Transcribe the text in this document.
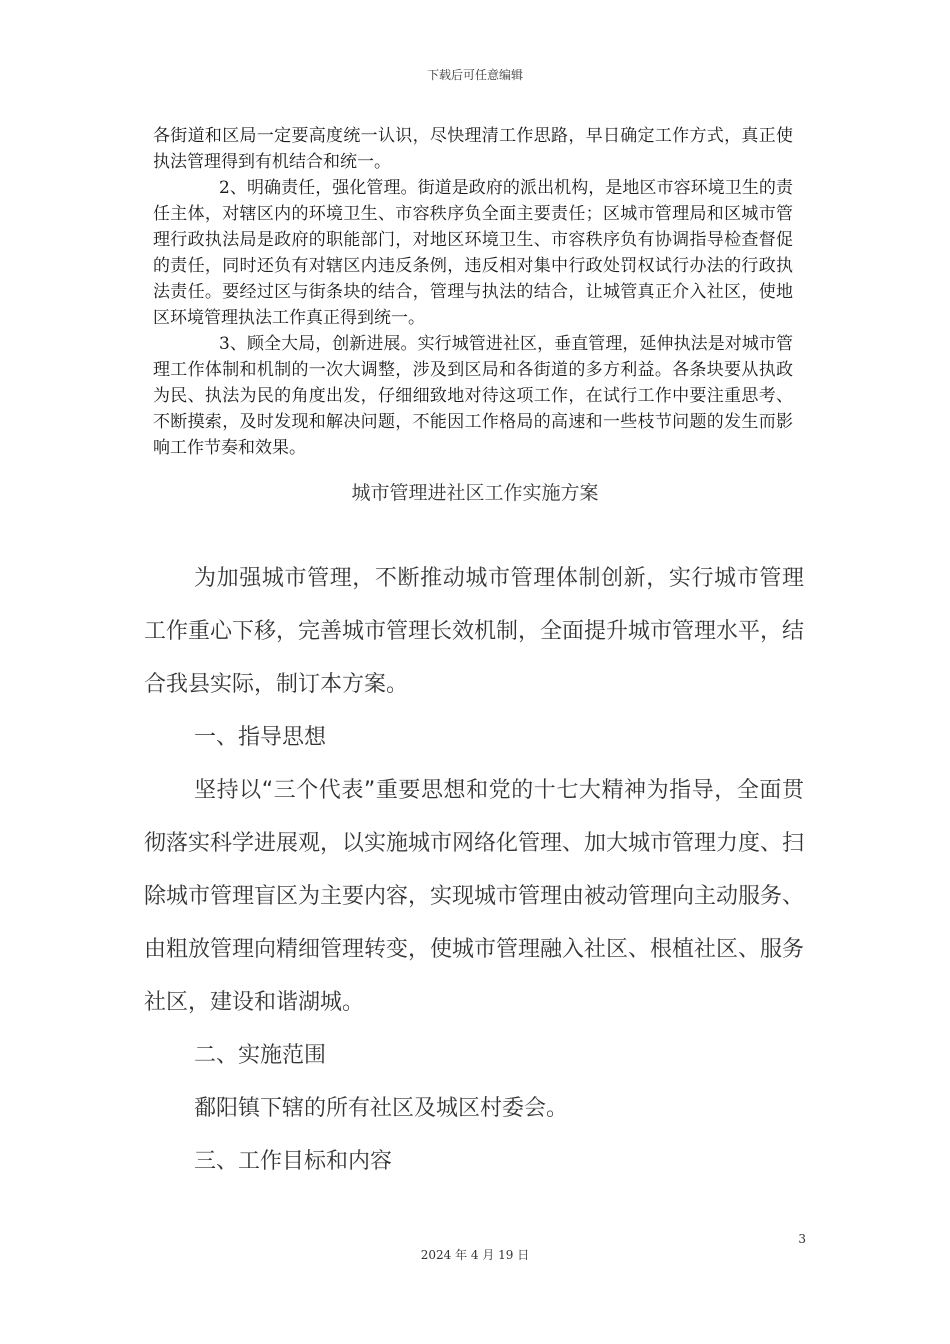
下载后可任意编辑

各街道和区局一定要高度统一认识，尽快理清工作思路，早日确定工作方式，真正使执法管理得到有机结合和统一。

2、明确责任，强化管理。街道是政府的派出机构，是地区市容环境卫生的责任主体，对辖区内的环境卫生、市容秩序负全面主要责任；区城市管理局和区城市管理行政执法局是政府的职能部门，对地区环境卫生、市容秩序负有协调指导检查督促的责任，同时还负有对辖区内违反条例，违反相对集中行政处罚权试行办法的行政执法责任。要经过区与街条块的结合，管理与执法的结合，让城管真正介入社区，使地区环境管理执法工作真正得到统一。

3、顾全大局，创新进展。实行城管进社区，垂直管理，延伸执法是对城市管理工作体制和机制的一次大调整，涉及到区局和各街道的多方利益。各条块要从执政为民、执法为民的角度出发，仔细细致地对待这项工作，在试行工作中要注重思考、不断摸索，及时发现和解决问题，不能因工作格局的高速和一些枝节问题的发生而影响工作节奏和效果。

城市管理进社区工作实施方案

为加强城市管理，不断推动城市管理体制创新，实行城市管理工作重心下移，完善城市管理长效机制，全面提升城市管理水平，结合我县实际，制订本方案。

一、指导思想

坚持以“三个代表”重要思想和党的十七大精神为指导，全面贯彻落实科学进展观，以实施城市网络化管理、加大城市管理力度、扫除城市管理盲区为主要内容，实现城市管理由被动管理向主动服务、由粗放管理向精细管理转变，使城市管理融入社区、根植社区、服务社区，建设和谐湖城。

二、实施范围

鄱阳镇下辖的所有社区及城区村委会。

三、工作目标和内容

3
2024 年 4 月 19 日
